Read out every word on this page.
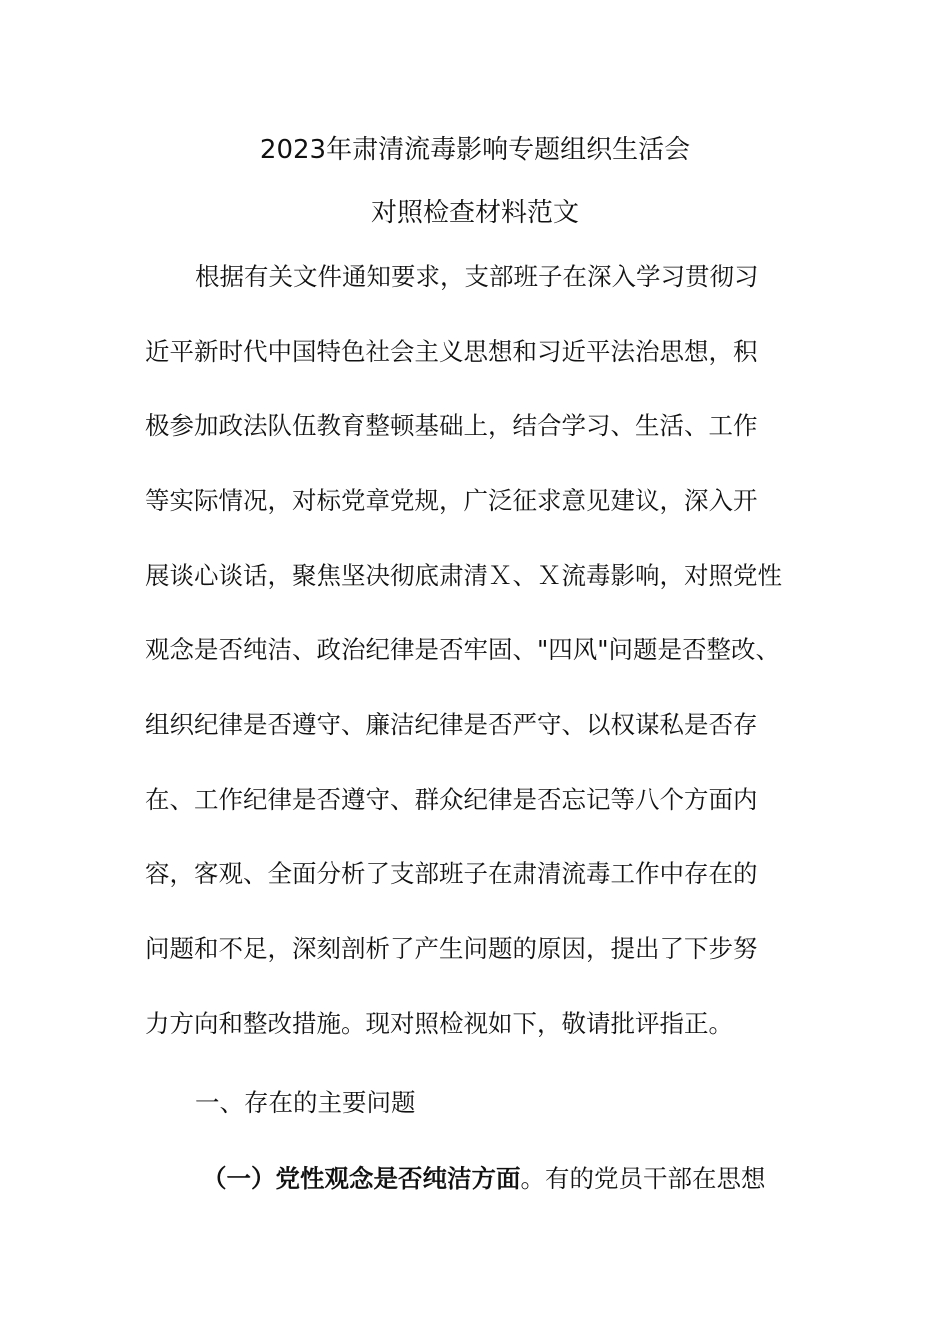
2023年肃清流毒影响专题组织生活会
对照检查材料范文
根据有关文件通知要求，支部班子在深入学习贯彻习
近平新时代中国特色社会主义思想和习近平法治思想，积
极参加政法队伍教育整顿基础上，结合学习、生活、工作
等实际情况，对标党章党规，广泛征求意见建议，深入开
展谈心谈话，聚焦坚决彻底肃清Ｘ、Ｘ流毒影响，对照党性
观念是否纯洁、政治纪律是否牢固、"四风"问题是否整改、
组织纪律是否遵守、廉洁纪律是否严守、以权谋私是否存
在、工作纪律是否遵守、群众纪律是否忘记等八个方面内
容，客观、全面分析了支部班子在肃清流毒工作中存在的
问题和不足，深刻剖析了产生问题的原因，提出了下步努
力方向和整改措施。现对照检视如下，敬请批评指正。
一、存在的主要问题
（一）党性观念是否纯洁方面。有的党员干部在思想
